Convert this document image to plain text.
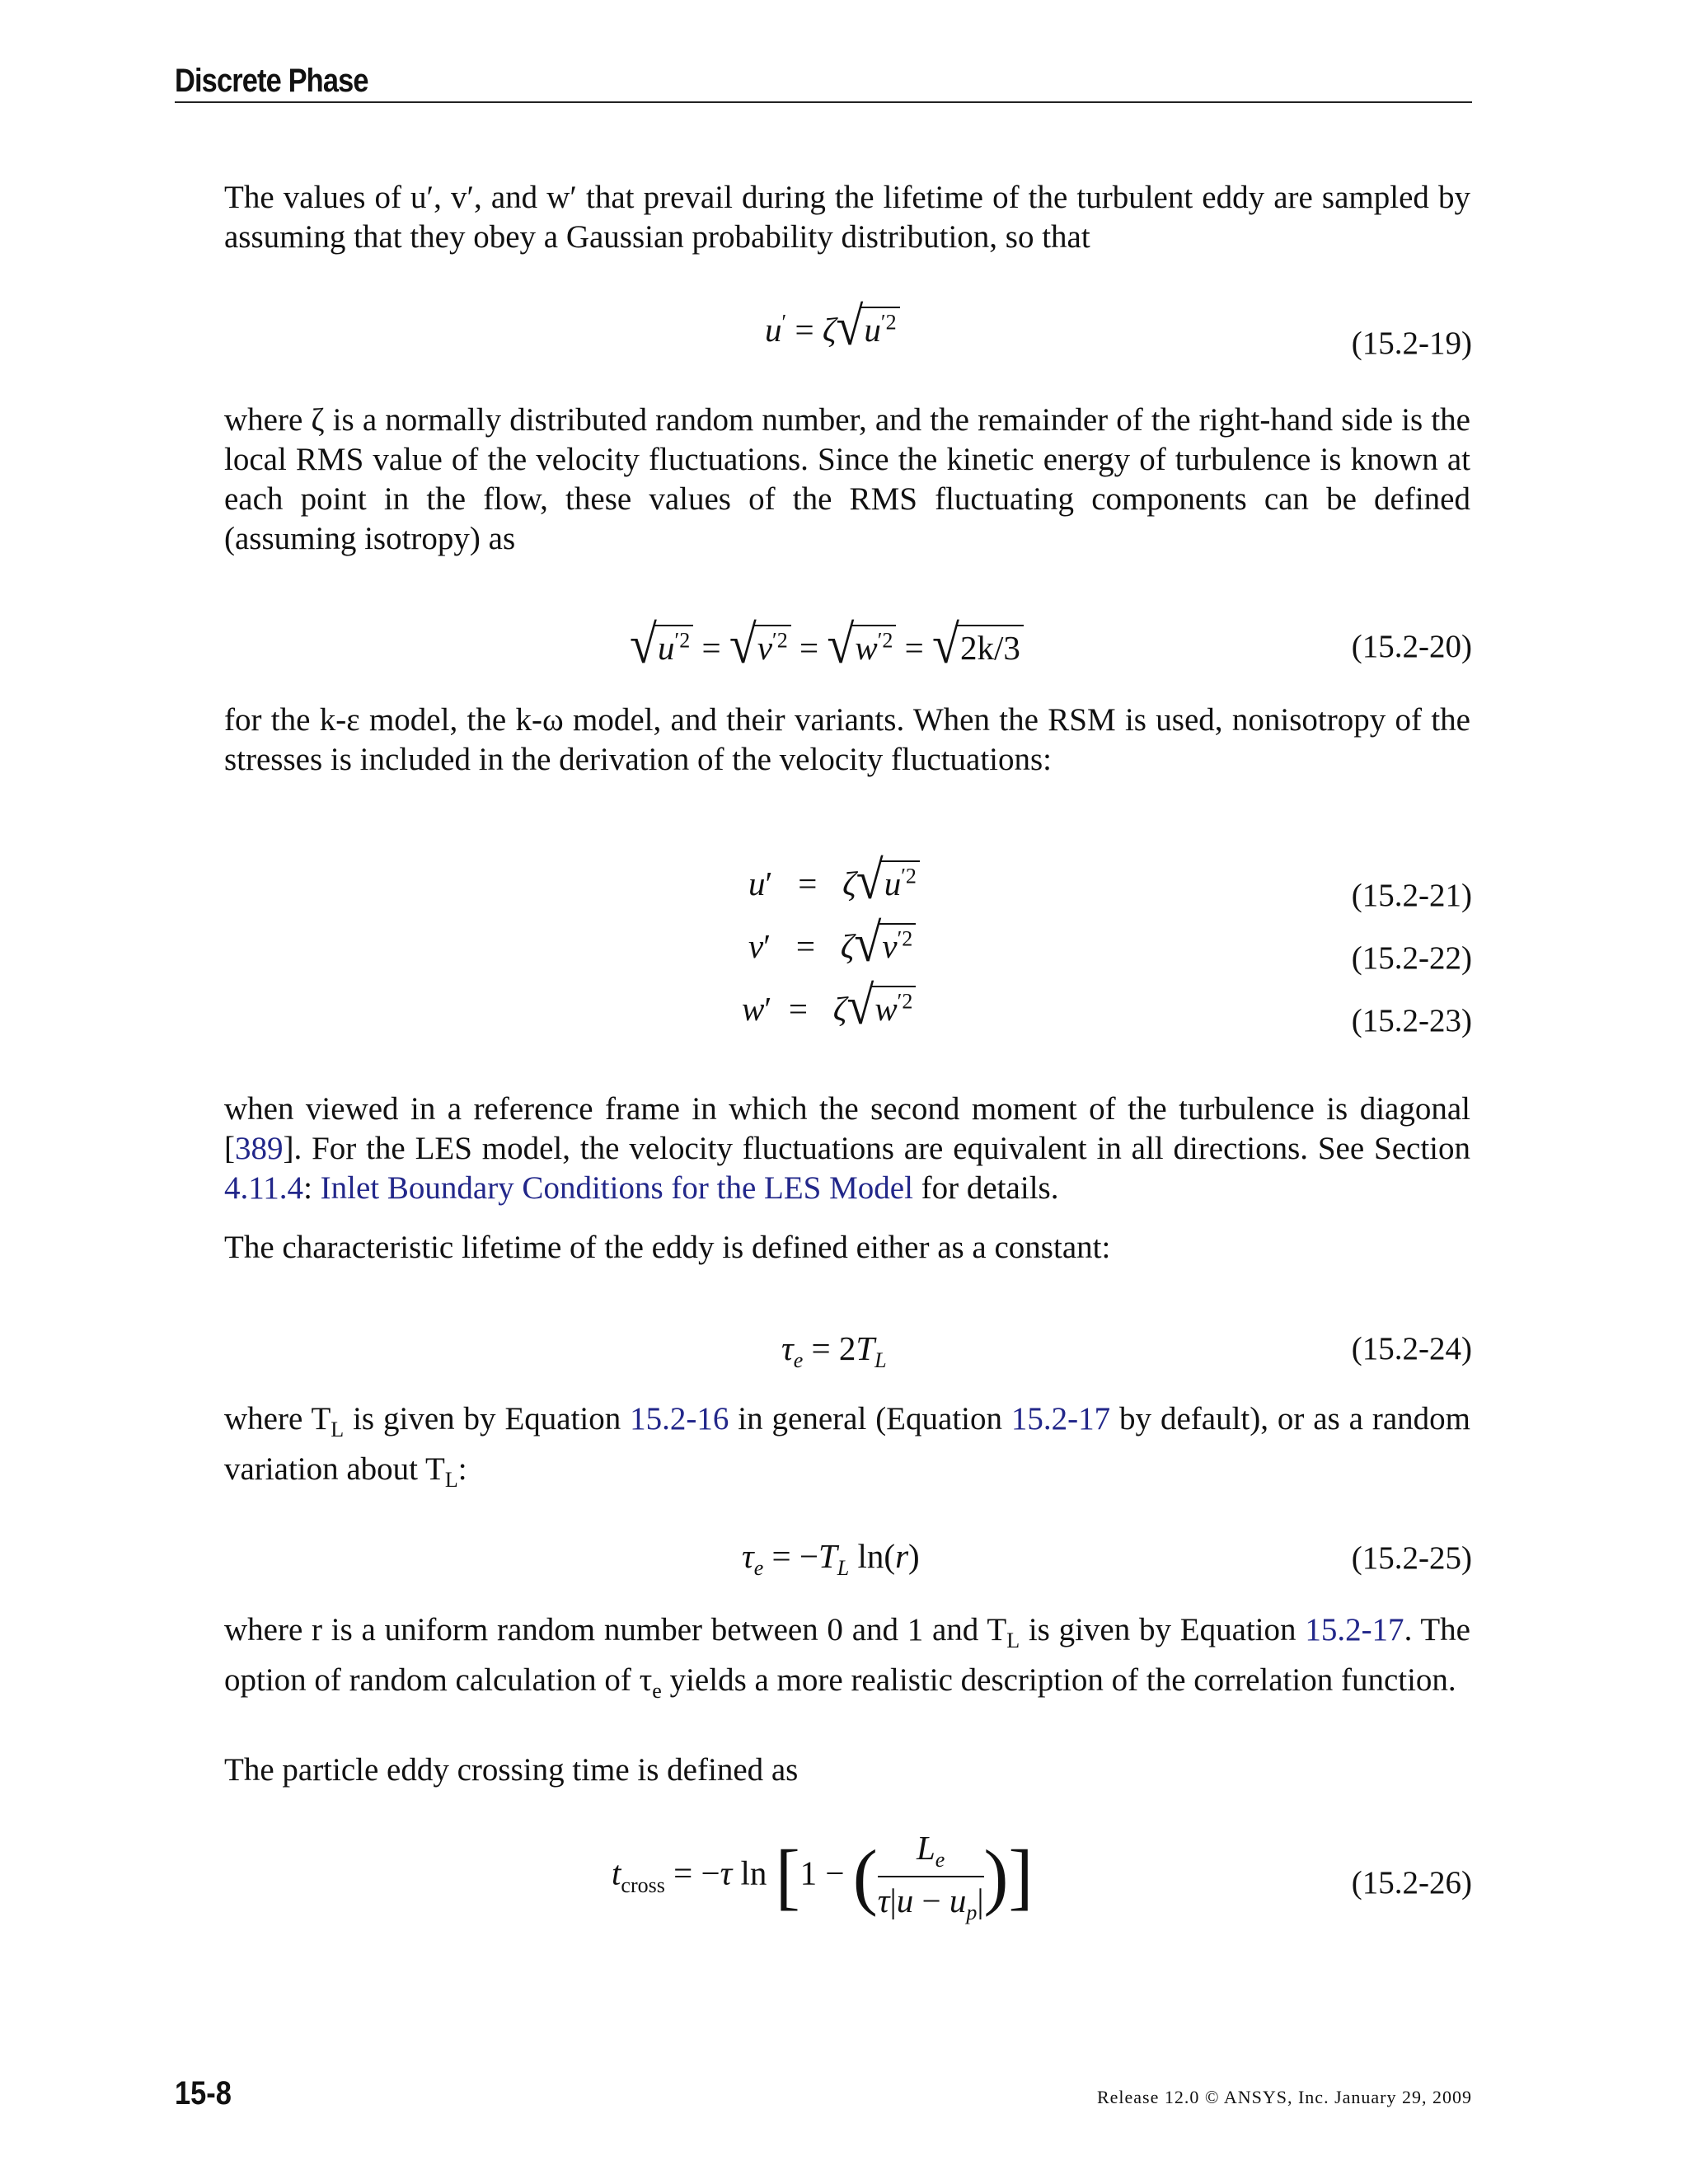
Discrete Phase
The values of u′, v′, and w′ that prevail during the lifetime of the turbulent eddy are sampled by assuming that they obey a Gaussian probability distribution, so that
u′ = ζ √ $u^{'2}$
(15.2-19)
where ζ is a normally distributed random number, and the remainder of the right-hand side is the local RMS value of the velocity fluctuations. Since the kinetic energy of turbulence is known at each point in the flow, these values of the RMS fluctuating components can be defined (assuming isotropy) as
√ $u^{'2}$ = √ $v^{'2}$ = √ $w^{'2}$ = √ 2k/3	(15.2-20)
for the k-ε model, the k-ω model, and their variants. When the RSM is used, nonisotropy of the stresses is included in the derivation of the velocity fluctuations:
u′   =   ζ √ $u^{'2}$
(15.2-21)
v′   =   ζ √ $v^{'2}$
(15.2-22)
w′  =   ζ √ $w^{'2}$
(15.2-23)
when viewed in a reference frame in which the second moment of the turbulence is diagonal [389]. For the LES model, the velocity fluctuations are equivalent in all directions. See Section 4.11.4: Inlet Boundary Conditions for the LES Model for details.
The characteristic lifetime of the eddy is defined either as a constant:
$\tau_e = 2T_L$	(15.2-24)
where $T_L$ is given by Equation 15.2-16 in general (Equation 15.2-17 by default), or as a random variation about $T_L$:
$\tau_e = -T_L$ ln(r)	(15.2-25)
where r is a uniform random number between 0 and 1 and $T_L$ is given by Equation 15.2-17. The option of random calculation of $\tau_e$ yields a more realistic description of the correlation function.
The particle eddy crossing time is defined as
$t_{cross} = -\tau$ ln [1 − ( $\frac{L_e}{\tau|u - u_p|}$ )]	(15.2-26)
15-8	Release 12.0 © ANSYS, Inc. January 29, 2009
